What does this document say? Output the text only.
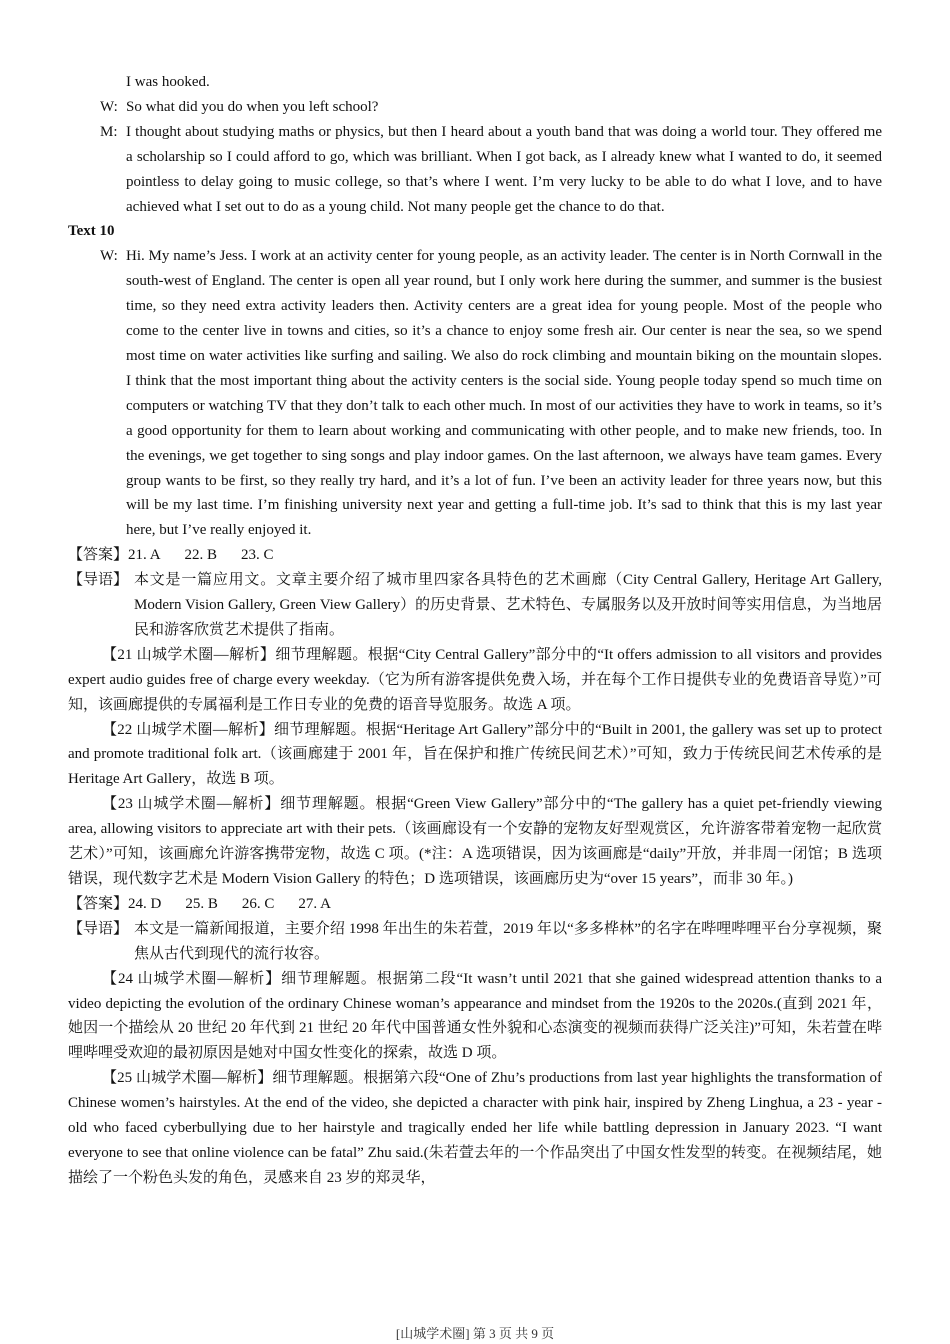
I was hooked.
W: So what did you do when you left school?
M: I thought about studying maths or physics, but then I heard about a youth band that was doing a world tour. They offered me a scholarship so I could afford to go, which was brilliant. When I got back, as I already knew what I wanted to do, it seemed pointless to delay going to music college, so that’s where I went. I’m very lucky to be able to do what I love, and to have achieved what I set out to do as a young child. Not many people get the chance to do that.
Text 10
W: Hi. My name’s Jess. I work at an activity center for young people, as an activity leader. The center is in North Cornwall in the south-west of England. The center is open all year round, but I only work here during the summer, and summer is the busiest time, so they need extra activity leaders then. Activity centers are a great idea for young people. Most of the people who come to the center live in towns and cities, so it’s a chance to enjoy some fresh air. Our center is near the sea, so we spend most time on water activities like surfing and sailing. We also do rock climbing and mountain biking on the mountain slopes. I think that the most important thing about the activity centers is the social side. Young people today spend so much time on computers or watching TV that they don’t talk to each other much. In most of our activities they have to work in teams, so it’s a good opportunity for them to learn about working and communicating with other people, and to make new friends, too. In the evenings, we get together to sing songs and play indoor games. On the last afternoon, we always have team games. Every group wants to be first, so they really try hard, and it’s a lot of fun. I’ve been an activity leader for three years now, but this will be my last time. I’m finishing university next year and getting a full-time job. It’s sad to think that this is my last year here, but I’ve really enjoyed it.
【答案】21. A 22. B 23. C
【导语】 本文是一篇应用文。文章主要介绍了城市里四家各具特色的艺术画廊（City Central Gallery, Heritage Art Gallery, Modern Vision Gallery, Green View Gallery）的历史背景、艺术特色、专属服务以及开放时间等实用信息，为当地居民和游客欣赏艺术提供了指南。
【21 山城学术圈—解析】细节理解题。根据“City Central Gallery”部分中的“It offers admission to all visitors and provides expert audio guides free of charge every weekday.（它为所有游客提供免费入场，并在每个工作日提供专业的免费语音导览）”可知，该画廊提供的专属福利是工作日专业的免费的语音导览服务。故选 A 项。
【22 山城学术圈—解析】细节理解题。根据“Heritage Art Gallery”部分中的“Built in 2001, the gallery was set up to protect and promote traditional folk art.（该画廊建于 2001 年，旨在保护和推广传统民间艺术）”可知，致力于传统民间艺术传承的是 Heritage Art Gallery，故选 B 项。
【23 山城学术圈—解析】细节理解题。根据“Green View Gallery”部分中的“The gallery has a quiet pet-friendly viewing area, allowing visitors to appreciate art with their pets.（该画廊设有一个安静的宠物友好型观赏区，允许游客带着宠物一起欣赏艺术）”可知，该画廊允许游客携带宠物，故选 C 项。(*注：A 选项错误，因为该画廊是“daily”开放，并非周一闭馆；B 选项错误，现代数字艺术是 Modern Vision Gallery 的特色；D 选项错误，该画廊历史为“over 15 years”，而非 30 年。)
【答案】24. D 25. B 26. C 27. A
【导语】 本文是一篇新闻报道，主要介绍 1998 年出生的朱若萱，2019 年以“多多桦林”的名字在哔哩哔哩平台分享视频，聚焦从古代到现代的流行妆容。
【24 山城学术圈—解析】细节理解题。根据第二段“It wasn’t until 2021 that she gained widespread attention thanks to a video depicting the evolution of the ordinary Chinese woman’s appearance and mindset from the 1920s to the 2020s.(直到 2021 年，她因一个描绘从 20 世纪 20 年代到 21 世纪 20 年代中国普通女性外貌和心态演变的视频而获得广泛关注)”可知，朱若萱在哔哩哔哩受欢迎的最初原因是她对中国女性变化的探索，故选 D 项。
【25 山城学术圈—解析】细节理解题。根据第六段“One of Zhu’s productions from last year highlights the transformation of Chinese women’s hairstyles. At the end of the video, she depicted a character with pink hair, inspired by Zheng Linghua, a 23 - year - old who faced cyberbullying due to her hairstyle and tragically ended her life while battling depression in January 2023. “I want everyone to see that online violence can be fatal” Zhu said.(朱若萱去年的一个作品突出了中国女性发型的转变。在视频结尾，她描绘了一个粉色头发的角色，灵感来自 23 岁的郑灵华，
[山城学术圈] 第 3 页 共 9 页
